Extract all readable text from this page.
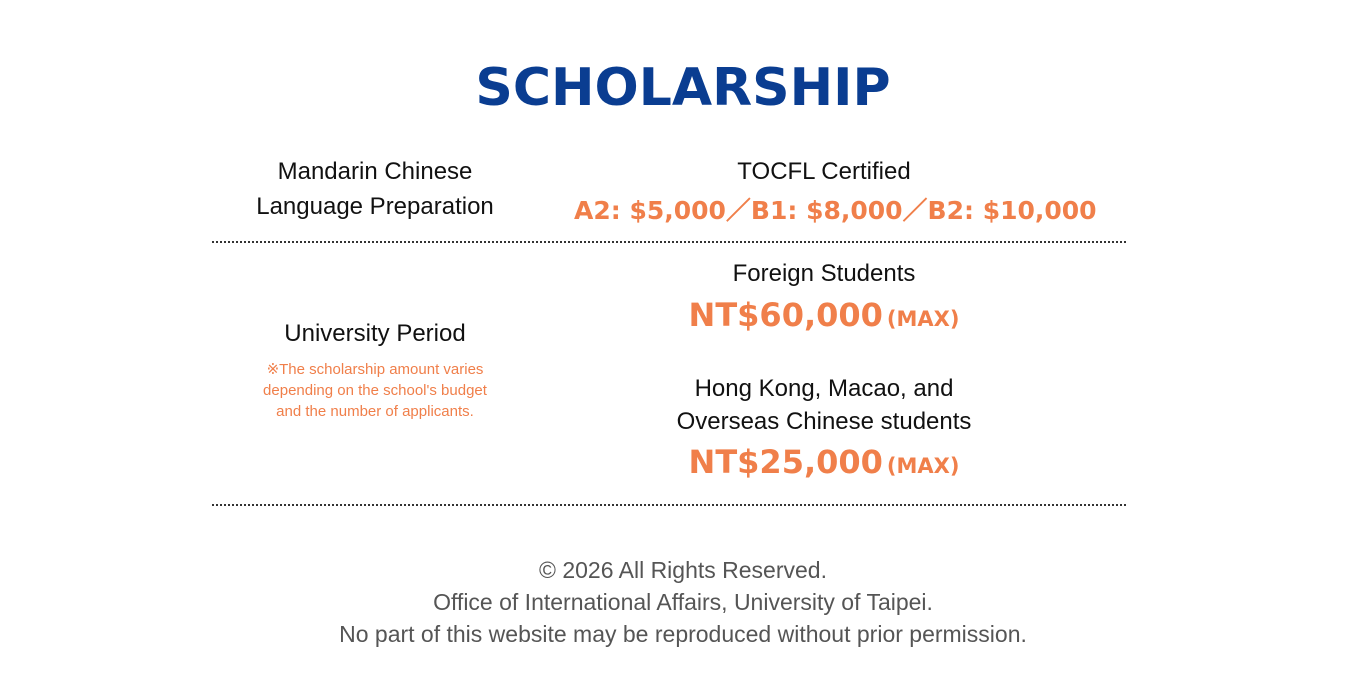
SCHOLARSHIP

Mandarin Chinese

Language Preparation

TOCFL Certified

A2: $5,000／B1: $8,000／B2: $10,000

University Period

※The scholarship amount varies

depending on the school's budget

and the number of applicants.

Foreign Students

NT$60,000 (MAX)

Hong Kong, Macao, and

Overseas Chinese students

NT$25,000 (MAX)

© 2026 All Rights Reserved.

Office of International Affairs, University of Taipei.

No part of this website may be reproduced without prior permission.
